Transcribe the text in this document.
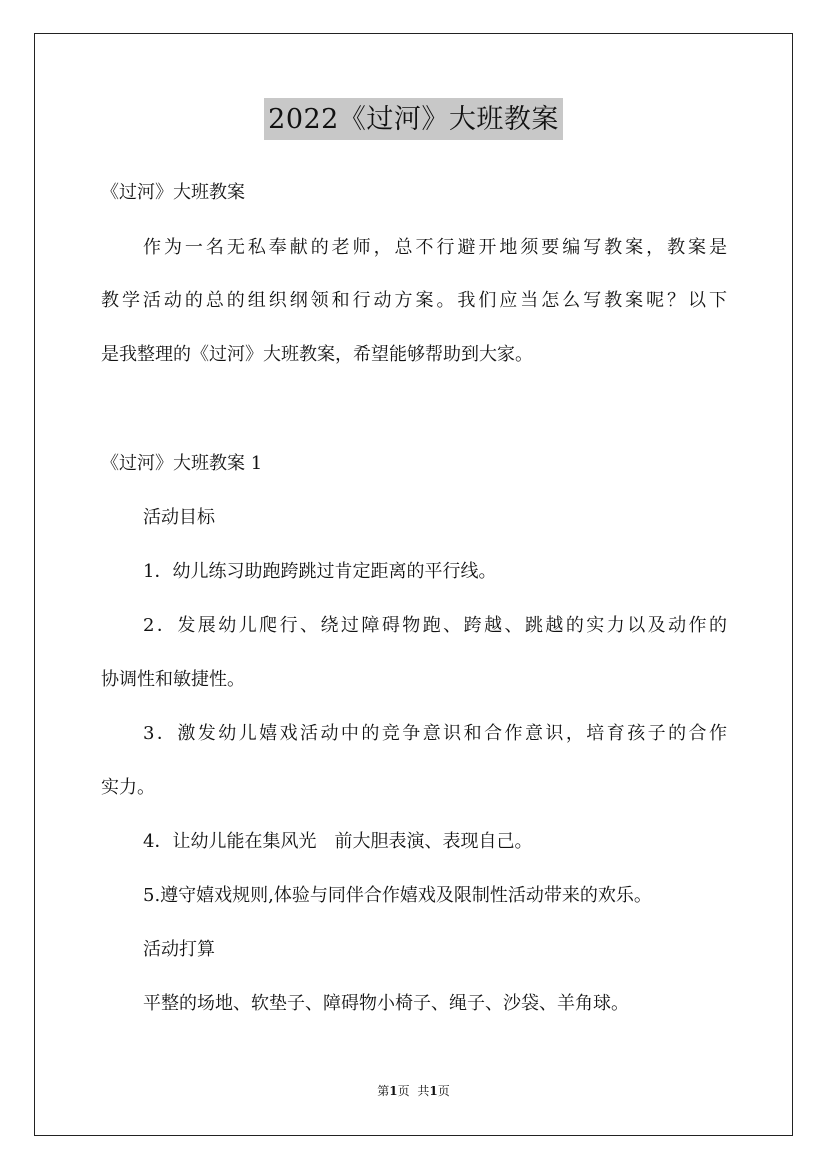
2022《过河》大班教案
《过河》大班教案
作为一名无私奉献的老师，总不行避开地须要编写教案，教案是
教学活动的总的组织纲领和行动方案。我们应当怎么写教案呢？以下
是我整理的《过河》大班教案，希望能够帮助到大家。
《过河》大班教案 1
活动目标
1．幼儿练习助跑跨跳过肯定距离的平行线。
2．发展幼儿爬行、绕过障碍物跑、跨越、跳越的实力以及动作的
协调性和敏捷性。
3．激发幼儿嬉戏活动中的竞争意识和合作意识，培育孩子的合作
实力。
4．让幼儿能在集风光　前大胆表演、表现自己。
5.遵守嬉戏规则,体验与同伴合作嬉戏及限制性活动带来的欢乐。
活动打算
平整的场地、软垫子、障碍物小椅子、绳子、沙袋、羊角球。
第1页 共1页
